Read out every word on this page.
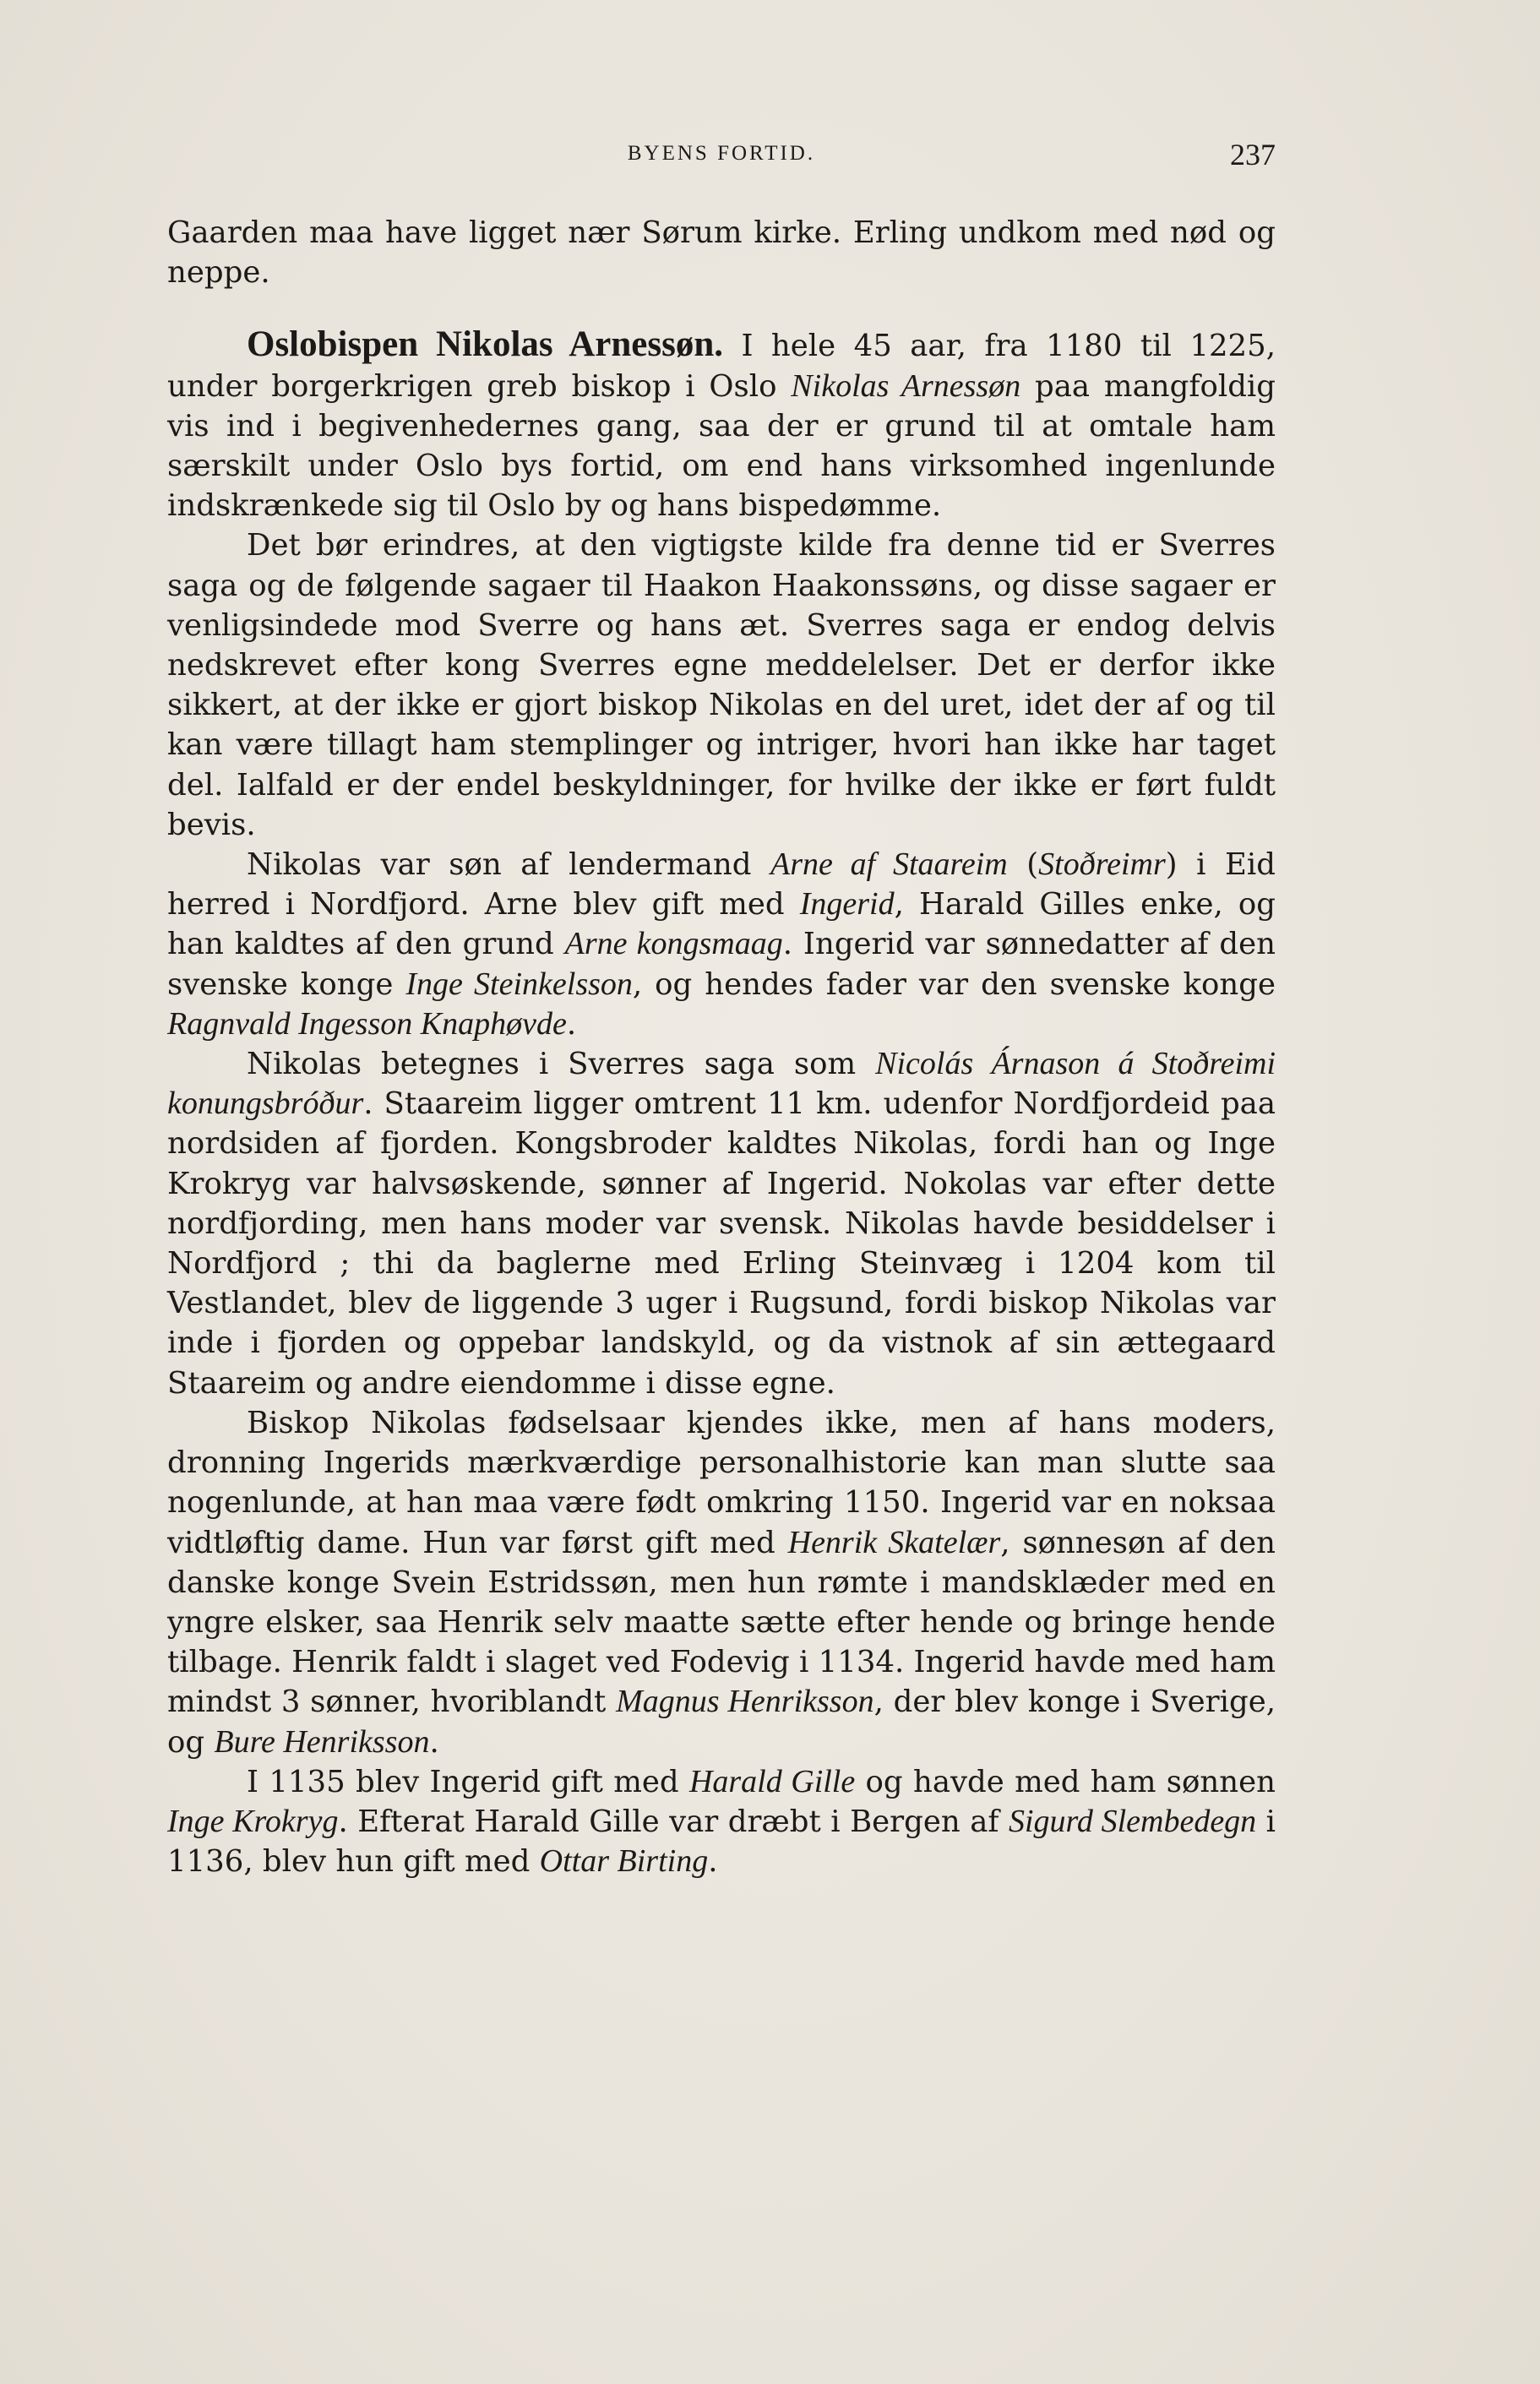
BYENS FORTID.	237

Gaarden maa have ligget nær Sørum kirke. Erling undkom med nød og neppe.

Oslobispen Nikolas Arnessøn. I hele 45 aar, fra 1180 til 1225, under borgerkrigen greb biskop i Oslo Nikolas Arnessøn paa mangfoldig vis ind i begivenhedernes gang, saa der er grund til at omtale ham særskilt under Oslo bys fortid, om end hans virksomhed ingenlunde indskrænkede sig til Oslo by og hans bispedømme.

Det bør erindres, at den vigtigste kilde fra denne tid er Sverres saga og de følgende sagaer til Haakon Haakonssøns, og disse sagaer er venligsindede mod Sverre og hans æt. Sverres saga er endog delvis nedskrevet efter kong Sverres egne meddelelser. Det er derfor ikke sikkert, at der ikke er gjort biskop Nikolas en del uret, idet der af og til kan være tillagt ham stemplinger og intriger, hvori han ikke har taget del. Ialfald er der endel beskyldninger, for hvilke der ikke er ført fuldt bevis.

Nikolas var søn af lendermand Arne af Staareim (Stoðreimr) i Eid herred i Nordfjord. Arne blev gift med Ingerid, Harald Gilles enke, og han kaldtes af den grund Arne kongsmaag. Ingerid var sønnedatter af den svenske konge Inge Steinkelsson, og hendes fader var den svenske konge Ragnvald Ingesson Knaphøvde.

Nikolas betegnes i Sverres saga som Nicolás Árnason á Stoðreimi konungsbróður. Staareim ligger omtrent 11 km. udenfor Nordfjordeid paa nordsiden af fjorden. Kongsbroder kaldtes Nikolas, fordi han og Inge Krokryg var halvsøskende, sønner af Ingerid. Nokolas var efter dette nordfjording, men hans moder var svensk. Nikolas havde besiddelser i Nordfjord ; thi da baglerne med Erling Steinvæg i 1204 kom til Vestlandet, blev de liggende 3 uger i Rugsund, fordi biskop Nikolas var inde i fjorden og oppebar landskyld, og da vistnok af sin ættegaard Staareim og andre eiendomme i disse egne.

Biskop Nikolas fødselsaar kjendes ikke, men af hans moders, dronning Ingerids mærkværdige personalhistorie kan man slutte saa nogenlunde, at han maa være født omkring 1150. Ingerid var en noksaa vidtløftig dame. Hun var først gift med Henrik Skatelær, sønnesøn af den danske konge Svein Estridssøn, men hun rømte i mandsklæder med en yngre elsker, saa Henrik selv maatte sætte efter hende og bringe hende tilbage. Henrik faldt i slaget ved Fodevig i 1134. Ingerid havde med ham mindst 3 sønner, hvoriblandt Magnus Henriksson, der blev konge i Sverige, og Bure Henriksson.

I 1135 blev Ingerid gift med Harald Gille og havde med ham sønnen Inge Krokryg. Efterat Harald Gille var dræbt i Bergen af Sigurd Slembedegn i 1136, blev hun gift med Ottar Birting.
